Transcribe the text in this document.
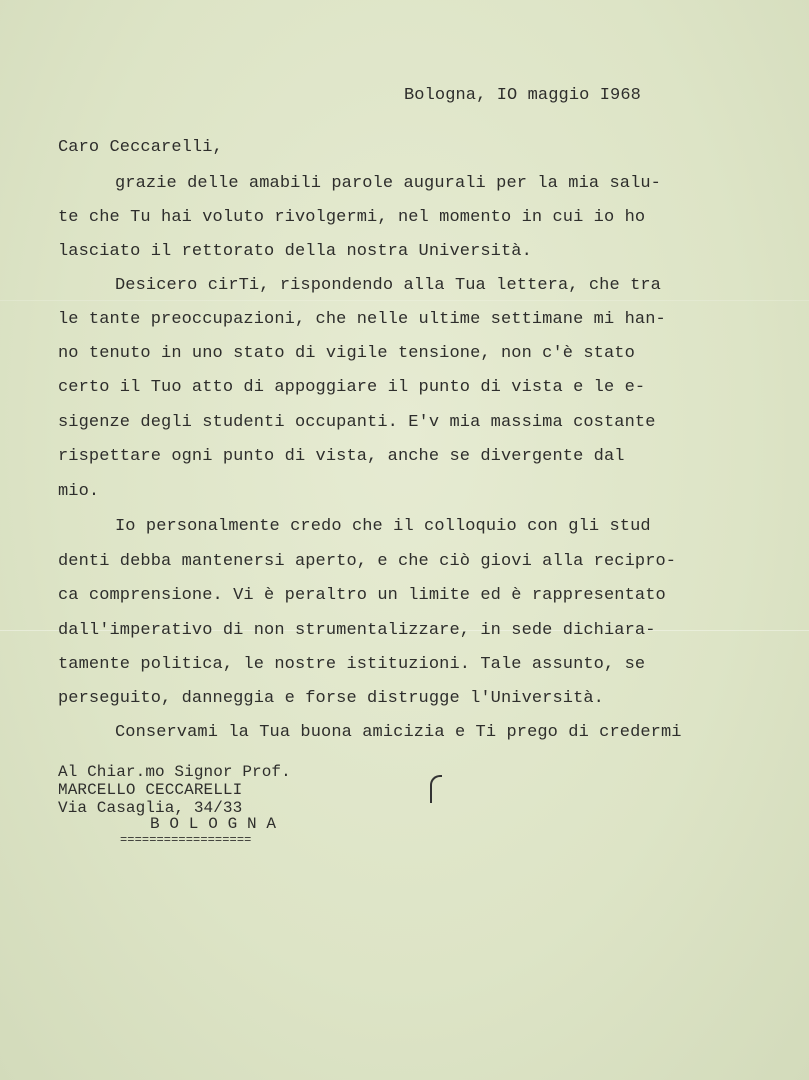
Bologna, IO maggio I968
Caro Ceccarelli,
grazie delle amabili parole augurali per la mia salu-
te che Tu hai voluto rivolgermi, nel momento in cui io ho
lasciato il rettorato della nostra Università.
Desicero cirTi, rispondendo alla Tua lettera, che tra
le tante preoccupazioni, che nelle ultime settimane mi han-
no tenuto in uno stato di vigile tensione, non c'è stato
certo il Tuo atto di appoggiare il punto di vista e le e-
sigenze degli studenti occupanti. E'v mia massima costante
rispettare ogni punto di vista, anche se divergente dal
mio.
Io personalmente credo che il colloquio con gli stud
denti debba mantenersi aperto, e che ciò giovi alla recipro-
ca comprensione. Vi è peraltro un limite ed è rappresentato
dall'imperativo di non strumentalizzare, in sede dichiara-
tamente politica, le nostre istituzioni. Tale assunto, se
perseguito, danneggia e forse distrugge l'Università.
Conservami la Tua buona amicizia e Ti prego di credermi
Al Chiar.mo Signor Prof.
MARCELLO CECCARELLI
Via Casaglia, 34/33
B O L O G N A
==================
